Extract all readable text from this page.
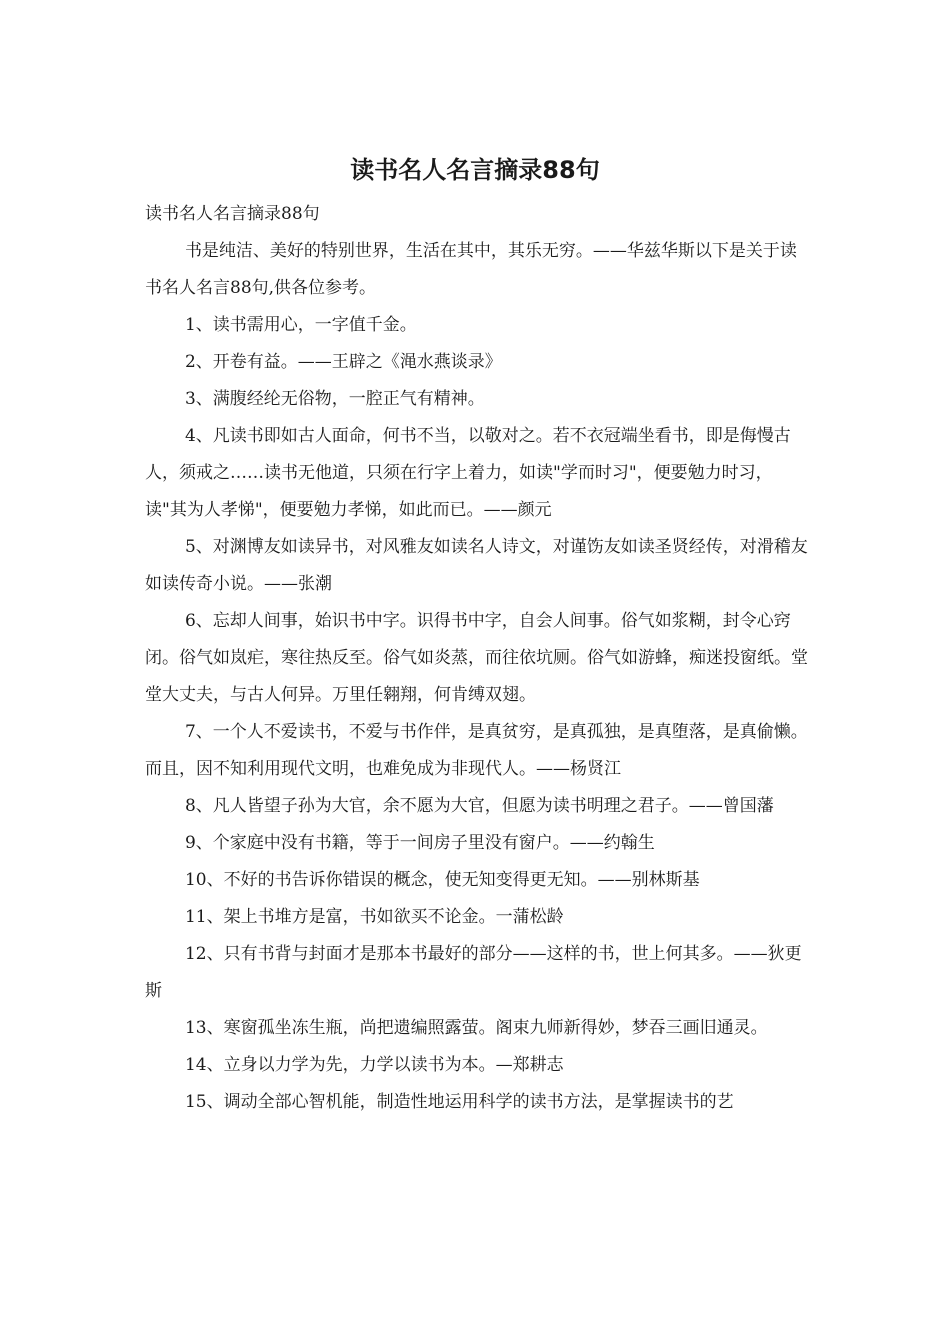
读书名人名言摘录88句

读书名人名言摘录88句

书是纯洁、美好的特别世界，生活在其中，其乐无穷。——华兹华斯以下是关于读书名人名言88句,供各位参考。

1、读书需用心，一字值千金。

2、开卷有益。——王辟之《渑水燕谈录》

3、满腹经纶无俗物，一腔正气有精神。

4、凡读书即如古人面命，何书不当，以敬对之。若不衣冠端坐看书，即是侮慢古人，须戒之……读书无他道，只须在行字上着力，如读"学而时习"，便要勉力时习，读"其为人孝悌"，便要勉力孝悌，如此而已。——颜元

5、对渊博友如读异书，对风雅友如读名人诗文，对谨饬友如读圣贤经传，对滑稽友如读传奇小说。——张潮

6、忘却人间事，始识书中字。识得书中字，自会人间事。俗气如浆糊，封令心窍闭。俗气如岚疟，寒往热反至。俗气如炎蒸，而往依坑厕。俗气如游蜂，痴迷投窗纸。堂堂大丈夫，与古人何异。万里任翱翔，何肯缚双翅。

7、一个人不爱读书，不爱与书作伴，是真贫穷，是真孤独，是真堕落，是真偷懒。而且，因不知利用现代文明，也难免成为非现代人。——杨贤江

8、凡人皆望子孙为大官，余不愿为大官，但愿为读书明理之君子。——曾国藩

9、个家庭中没有书籍，等于一间房子里没有窗户。——约翰生

10、不好的书告诉你错误的概念，使无知变得更无知。——别林斯基

11、架上书堆方是富，书如欲买不论金。一蒲松龄

12、只有书背与封面才是那本书最好的部分——这样的书，世上何其多。——狄更斯

13、寒窗孤坐冻生瓶，尚把遗编照露萤。阁束九师新得妙，梦吞三画旧通灵。

14、立身以力学为先，力学以读书为本。—郑耕志

15、调动全部心智机能，制造性地运用科学的读书方法，是掌握读书的艺
